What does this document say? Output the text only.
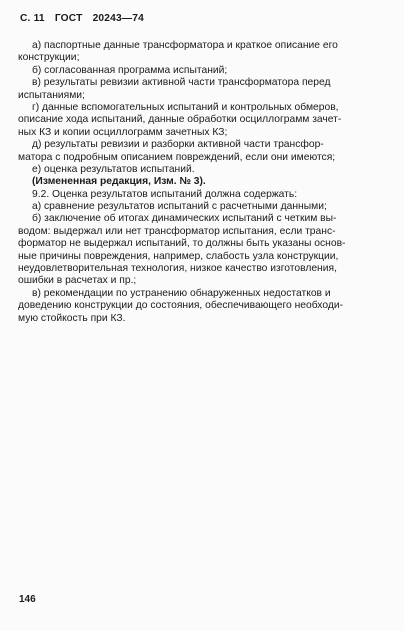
С. 11 ГОСТ 20243—74
а) паспортные данные трансформатора и краткое описание его
конструкции;
б) согласованная программа испытаний;
в) результаты ревизии активной части трансформатора перед
испытаниями;
г) данные вспомогательных испытаний и контрольных обмеров,
описание хода испытаний, данные обработки осциллограмм зачет-
ных КЗ и копии осциллограмм зачетных КЗ;
д) результаты ревизии и разборки активной части трансфор-
матора с подробным описанием повреждений, если они имеются;
е) оценка результатов испытаний.
(Измененная редакция, Изм. № 3).
9.2. Оценка результатов испытаний должна содержать:
а) сравнение результатов испытаний с расчетными данными;
б) заключение об итогах динамических испытаний с четким вы-
водом: выдержал или нет трансформатор испытания, если транс-
форматор не выдержал испытаний, то должны быть указаны основ-
ные причины повреждения, например, слабость узла конструкции,
неудовлетворительная технология, низкое качество изготовления,
ошибки в расчетах и пр.;
в) рекомендации по устранению обнаруженных недостатков и
доведению конструкции до состояния, обеспечивающего необходи-
мую стойкость при КЗ.
146
